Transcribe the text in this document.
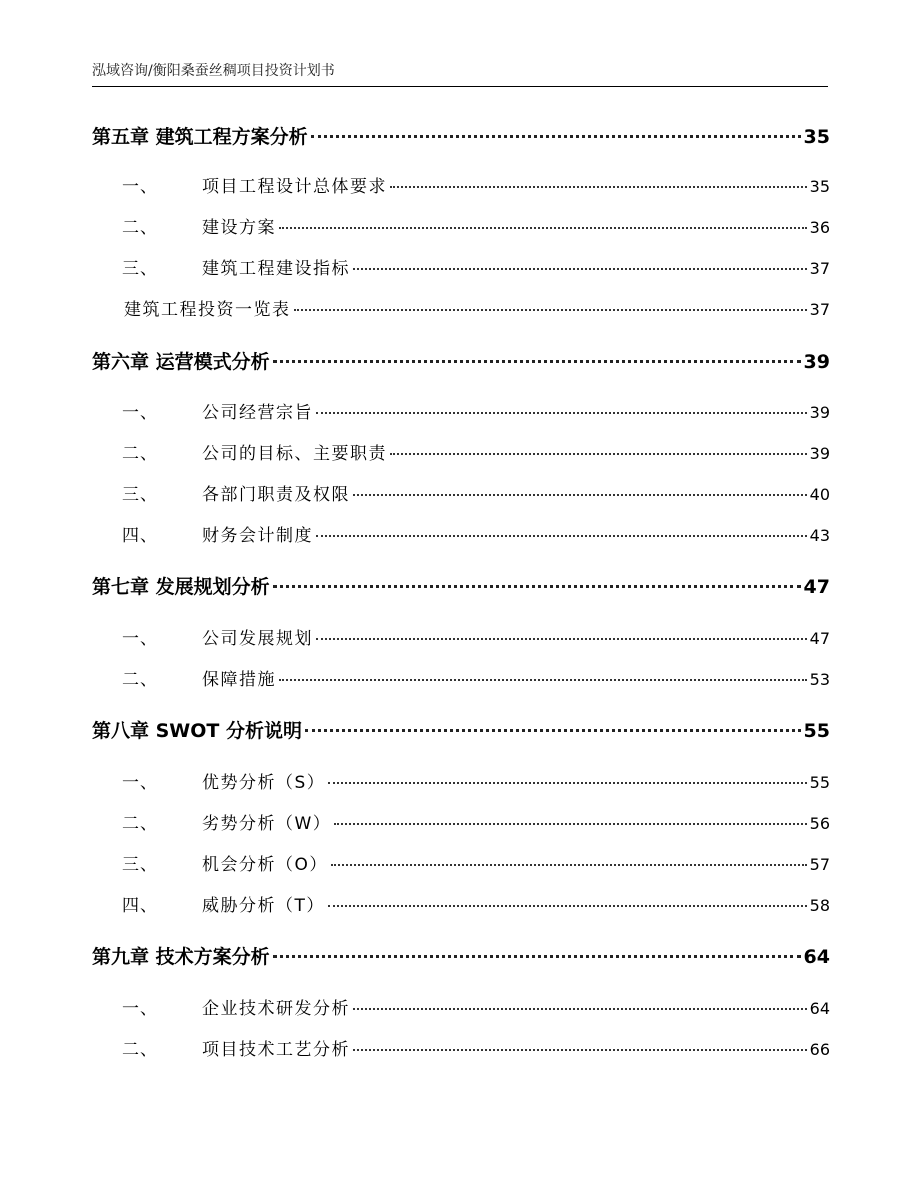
泓域咨询/衡阳桑蚕丝稠项目投资计划书
第五章 建筑工程方案分析	35
一、	项目工程设计总体要求	35
二、	建设方案	36
三、	建筑工程建设指标	37
建筑工程投资一览表	37
第六章 运营模式分析	39
一、	公司经营宗旨	39
二、	公司的目标、主要职责	39
三、	各部门职责及权限	40
四、	财务会计制度	43
第七章 发展规划分析	47
一、	公司发展规划	47
二、	保障措施	53
第八章 SWOT 分析说明	55
一、	优势分析（S）	55
二、	劣势分析（W）	56
三、	机会分析（O）	57
四、	威胁分析（T）	58
第九章 技术方案分析	64
一、	企业技术研发分析	64
二、	项目技术工艺分析	66
